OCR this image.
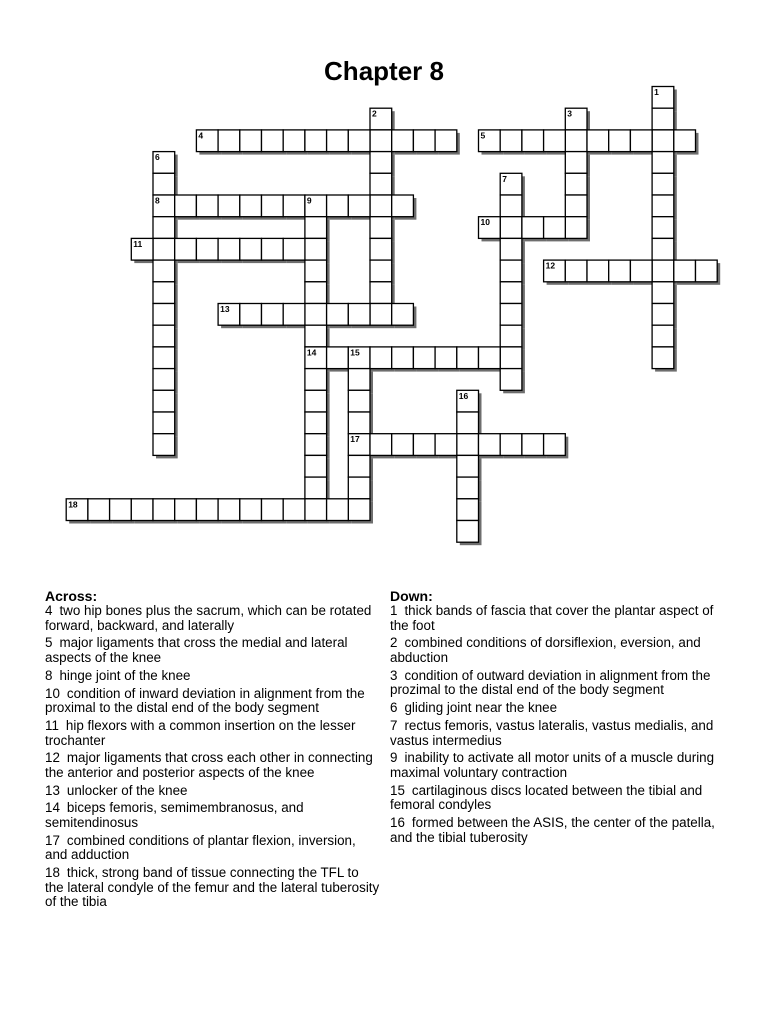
Chapter 8
1
2	3
4	5
6
7
8	9
10
11
12
13
14	15
16
17
18
Across:
4 two hip bones plus the sacrum, which can be rotated forward, backward, and laterally
5 major ligaments that cross the medial and lateral aspects of the knee
8 hinge joint of the knee
10 condition of inward deviation in alignment from the proximal to the distal end of the body segment
11 hip flexors with a common insertion on the lesser trochanter
12 major ligaments that cross each other in connecting the anterior and posterior aspects of the knee
13 unlocker of the knee
14 biceps femoris, semimembranosus, and semitendinosus
17 combined conditions of plantar flexion, inversion, and adduction
18 thick, strong band of tissue connecting the TFL to the lateral condyle of the femur and the lateral tuberosity of the tibia
Down:
1 thick bands of fascia that cover the plantar aspect of the foot
2 combined conditions of dorsiflexion, eversion, and abduction
3 condition of outward deviation in alignment from the prozimal to the distal end of the body segment
6 gliding joint near the knee
7 rectus femoris, vastus lateralis, vastus medialis, and vastus intermedius
9 inability to activate all motor units of a muscle during maximal voluntary contraction
15 cartilaginous discs located between the tibial and femoral condyles
16 formed between the ASIS, the center of the patella, and the tibial tuberosity
